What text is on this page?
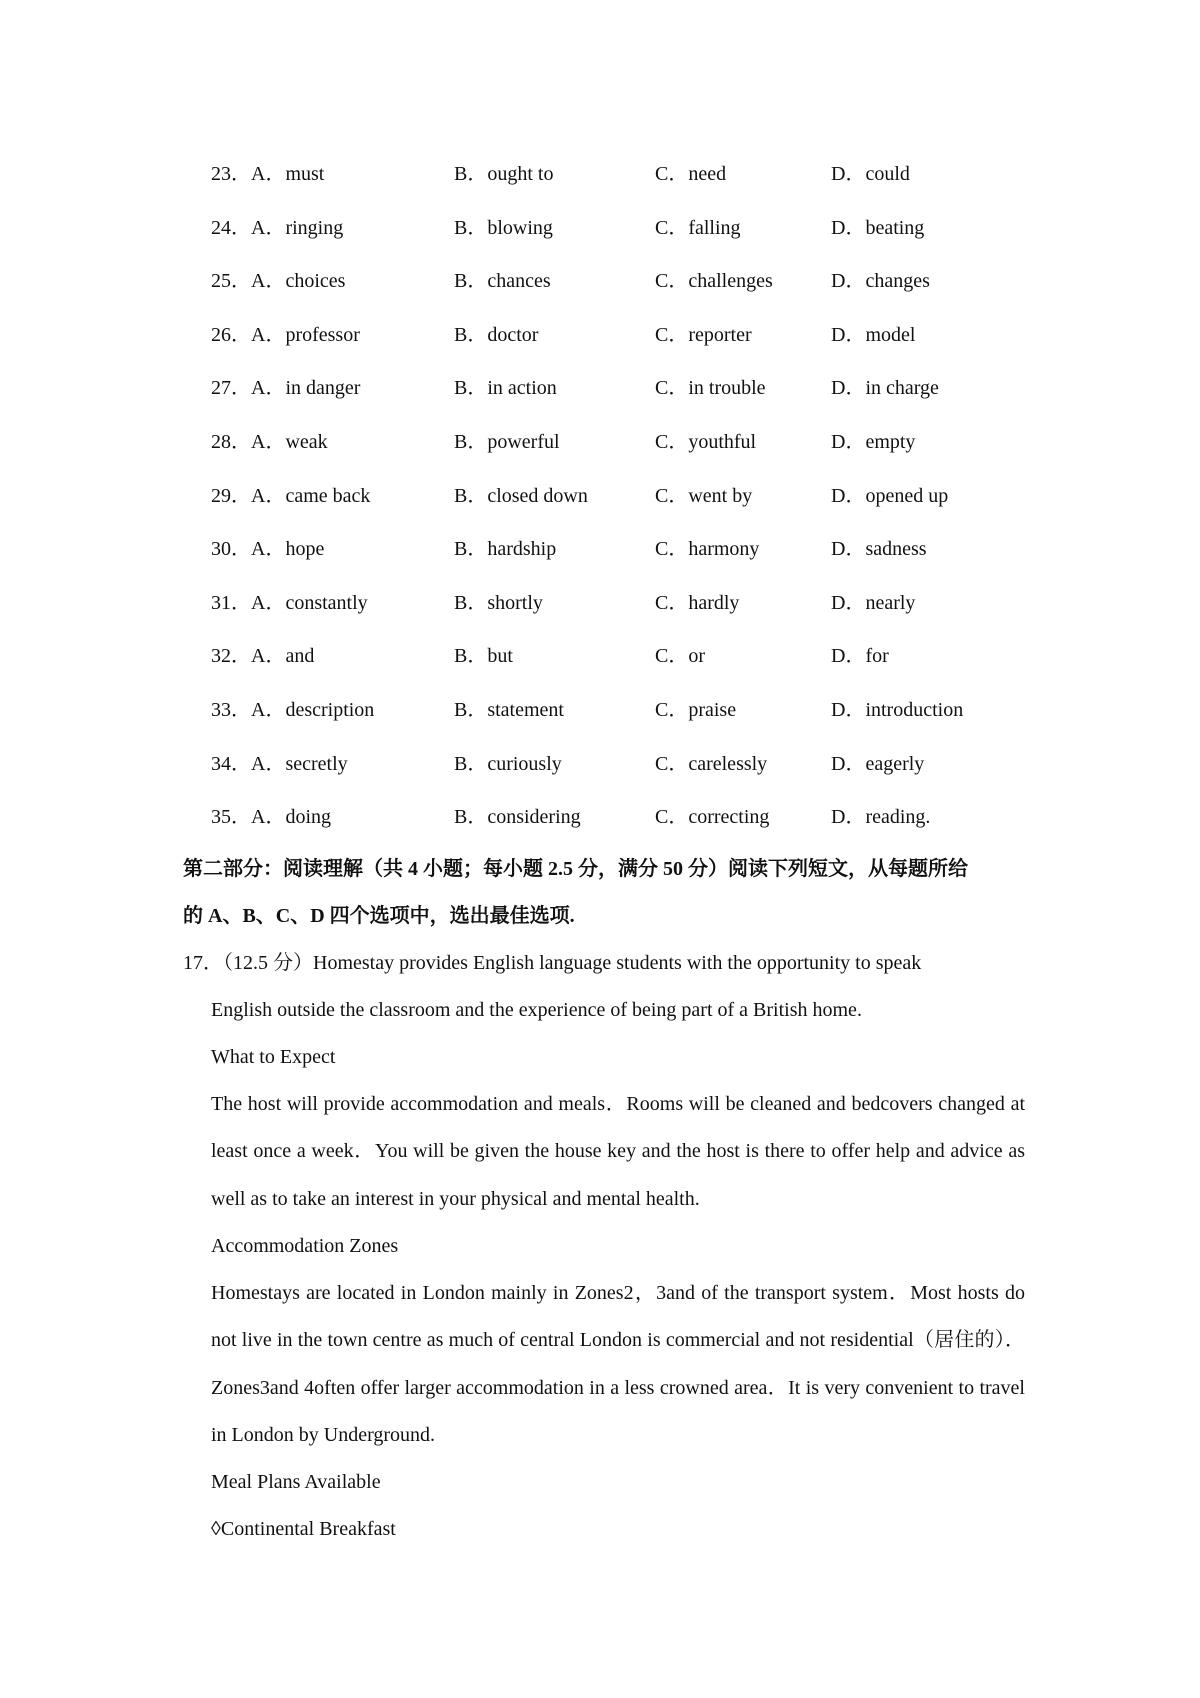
23．A．must	B．ought to	C．need	D．could
24．A．ringing	B．blowing	C．falling	D．beating
25．A．choices	B．chances	C．challenges	D．changes
26．A．professor	B．doctor	C．reporter	D．model
27．A．in danger	B．in action	C．in trouble	D．in charge
28．A．weak	B．powerful	C．youthful	D．empty
29．A．came back	B．closed down	C．went by	D．opened up
30．A．hope	B．hardship	C．harmony	D．sadness
31．A．constantly	B．shortly	C．hardly	D．nearly
32．A．and	B．but	C．or	D．for
33．A．description	B．statement	C．praise	D．introduction
34．A．secretly	B．curiously	C．carelessly	D．eagerly
35．A．doing	B．considering	C．correcting	D．reading.
第二部分：阅读理解（共 4 小题；每小题 2.5 分，满分 50 分）阅读下列短文，从每题所给
的 A、B、C、D 四个选项中，选出最佳选项.
17．（12.5 分）Homestay provides English language students with the opportunity to speak
English outside the classroom and the experience of being part of a British home.
What to Expect
The host will provide accommodation and meals．Rooms will be cleaned and bedcovers changed at least once a week．You will be given the house key and the host is there to offer help and advice as well as to take an interest in your physical and mental health.
Accommodation Zones
Homestays are located in London mainly in Zones2，3and of the transport system．Most hosts do not live in the town centre as much of central London is commercial and not residential（居住的）．Zones3and 4often offer larger accommodation in a less crowned area．It is very convenient to travel in London by Underground.
Meal Plans Available
◊Continental Breakfast
